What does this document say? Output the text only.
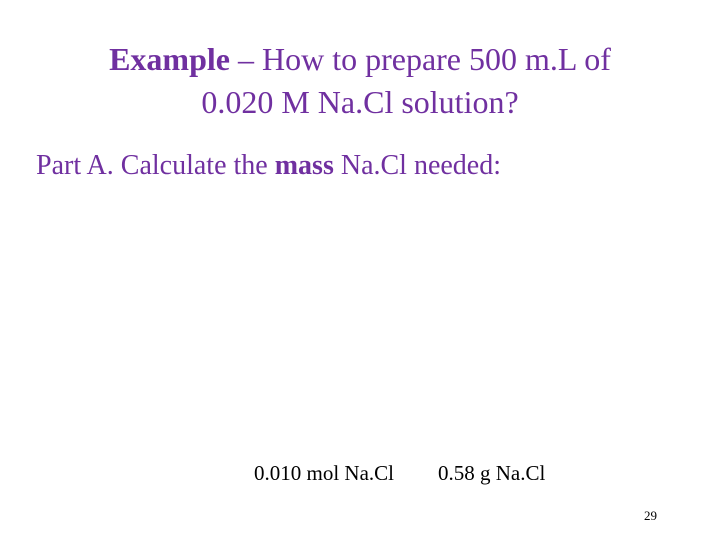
Example – How to prepare 500 m.L of
0.020 M Na.Cl solution?
Part A. Calculate the mass Na.Cl needed:
0.010 mol Na.Cl 0.58 g Na.Cl
29
